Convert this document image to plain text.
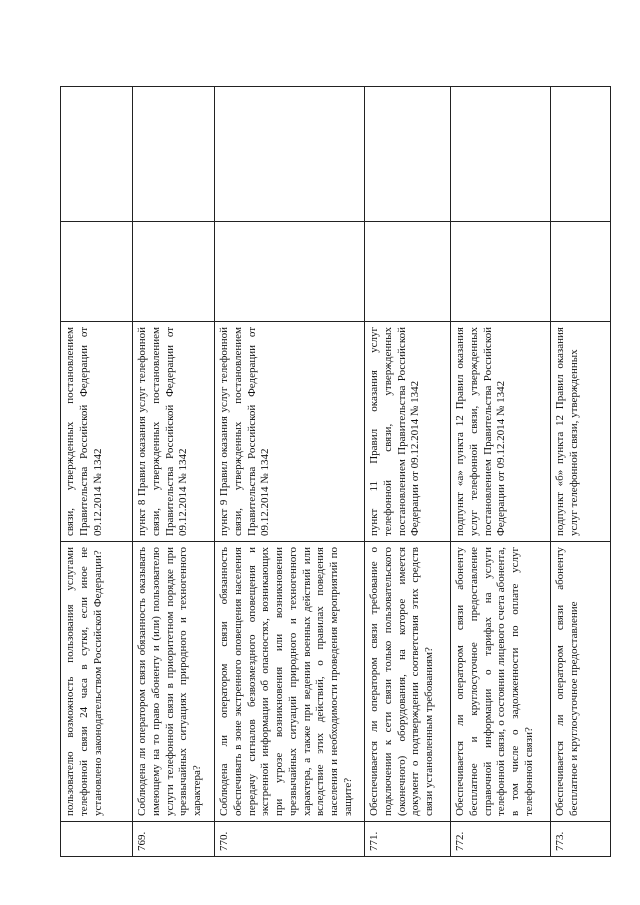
	пользователю возможность пользования услугами телефонной связи 24 часа в сутки, если иное не установлено законодательством Российской Федерации?	связи, утвержденных постановлением Правительства Российской Федерации от 09.12.2014 № 1342		
769.	Соблюдена ли оператором связи обязанность оказывать имеющему на то право абоненту и (или) пользователю услуги телефонной связи в приоритетном порядке при чрезвычайных ситуациях природного и техногенного характера?	пункт 8 Правил оказания услуг телефонной связи, утвержденных постановлением Правительства Российской Федерации от 09.12.2014 № 1342		
770.	Соблюдена ли оператором связи обязанность обеспечивать в зоне экстренного оповещения населения передачу сигналов безвозмездного оповещения и экстренной информации об опасностях, возникающих при угрозе возникновения или возникновении чрезвычайных ситуаций природного и техногенного характера, а также при ведении военных действий или вследствие этих действий, о правилах поведения населения и необходимости проведения мероприятий по защите?	пункт 9 Правил оказания услуг телефонной связи, утвержденных постановлением Правительства Российской Федерации от 09.12.2014 № 1342		
771.	Обеспечивается ли оператором связи требование о подключении к сети связи только пользовательского (оконечного) оборудования, на которое имеется документ о подтверждении соответствия этих средств связи установленным требованиям?	пункт 11 Правил оказания услуг телефонной связи, утвержденных постановлением Правительства Российской Федерации от 09.12.2014 № 1342		
772.	Обеспечивается ли оператором связи абоненту бесплатное и круглосуточное предоставление справочной информации о тарифах на услуги телефонной связи, о состоянии лицевого счета абонента, в том числе о задолженности по оплате услуг телефонной связи?	подпункт «а» пункта 12 Правил оказания услуг телефонной связи, утвержденных постановлением Правительства Российской Федерации от 09.12.2014 № 1342		
773.	Обеспечивается ли оператором связи абоненту бесплатное и круглосуточное предоставление	подпункт «б» пункта 12 Правил оказания услуг телефонной связи, утвержденных		
